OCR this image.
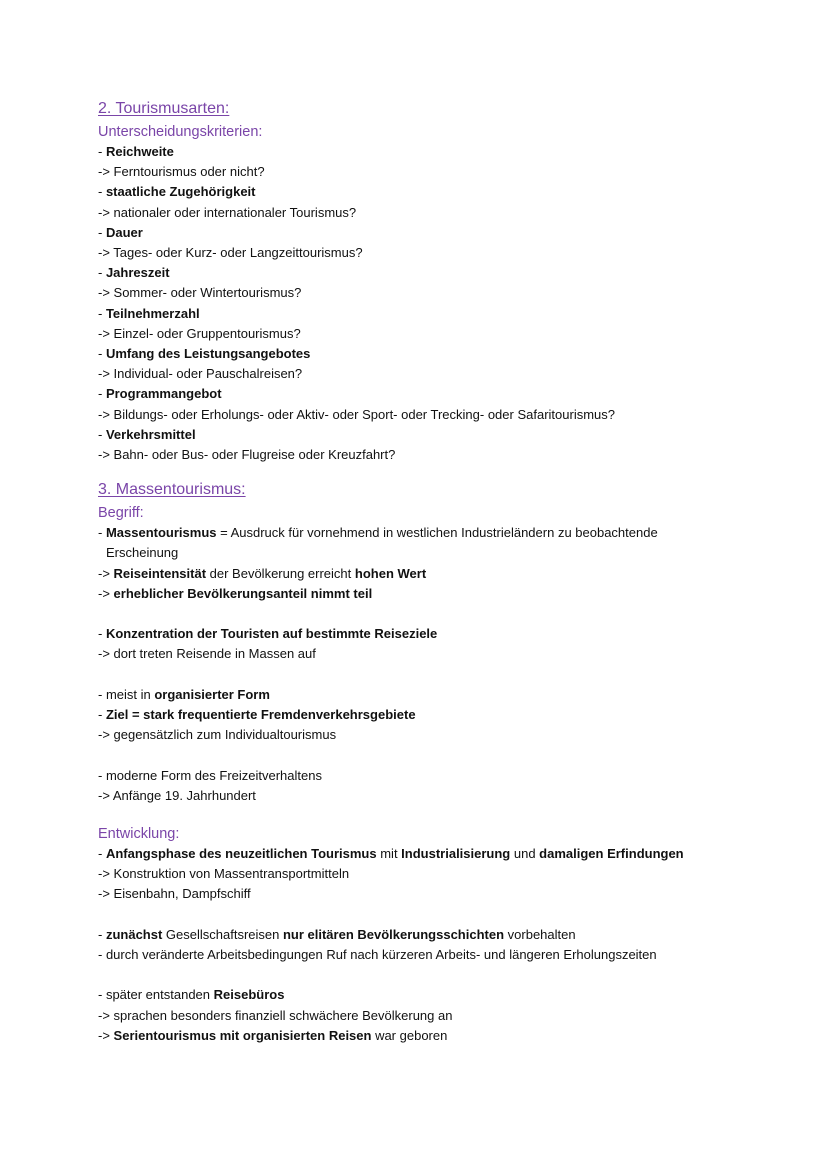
2. Tourismusarten:
Unterscheidungskriterien:
- Reichweite
-> Ferntourismus oder nicht?
- staatliche Zugehörigkeit
-> nationaler oder internationaler Tourismus?
- Dauer
-> Tages- oder Kurz- oder Langzeittourismus?
- Jahreszeit
-> Sommer- oder Wintertourismus?
- Teilnehmerzahl
-> Einzel- oder Gruppentourismus?
- Umfang des Leistungsangebotes
-> Individual- oder Pauschalreisen?
- Programmangebot
-> Bildungs- oder Erholungs- oder Aktiv- oder Sport- oder Trecking- oder Safaritourismus?
- Verkehrsmittel
-> Bahn- oder Bus- oder Flugreise oder Kreuzfahrt?
3. Massentourismus:
Begriff:
- Massentourismus = Ausdruck für vornehmend in westlichen Industrieländern zu beobachtende
Erscheinung
-> Reiseintensität der Bevölkerung erreicht hohen Wert
-> erheblicher Bevölkerungsanteil nimmt teil
- Konzentration der Touristen auf bestimmte Reiseziele
-> dort treten Reisende in Massen auf
- meist in organisierter Form
- Ziel = stark frequentierte Fremdenverkehrsgebiete
-> gegensätzlich zum Individualtourismus
- moderne Form des Freizeitverhaltens
-> Anfänge 19. Jahrhundert
Entwicklung:
- Anfangsphase des neuzeitlichen Tourismus mit Industrialisierung und damaligen Erfindungen
-> Konstruktion von Massentransportmitteln
-> Eisenbahn, Dampfschiff
- zunächst Gesellschaftsreisen nur elitären Bevölkerungsschichten vorbehalten
- durch veränderte Arbeitsbedingungen Ruf nach kürzeren Arbeits- und längeren Erholungszeiten
- später entstanden Reisebüros
-> sprachen besonders finanziell schwächere Bevölkerung an
-> Serientourismus mit organisierten Reisen war geboren
